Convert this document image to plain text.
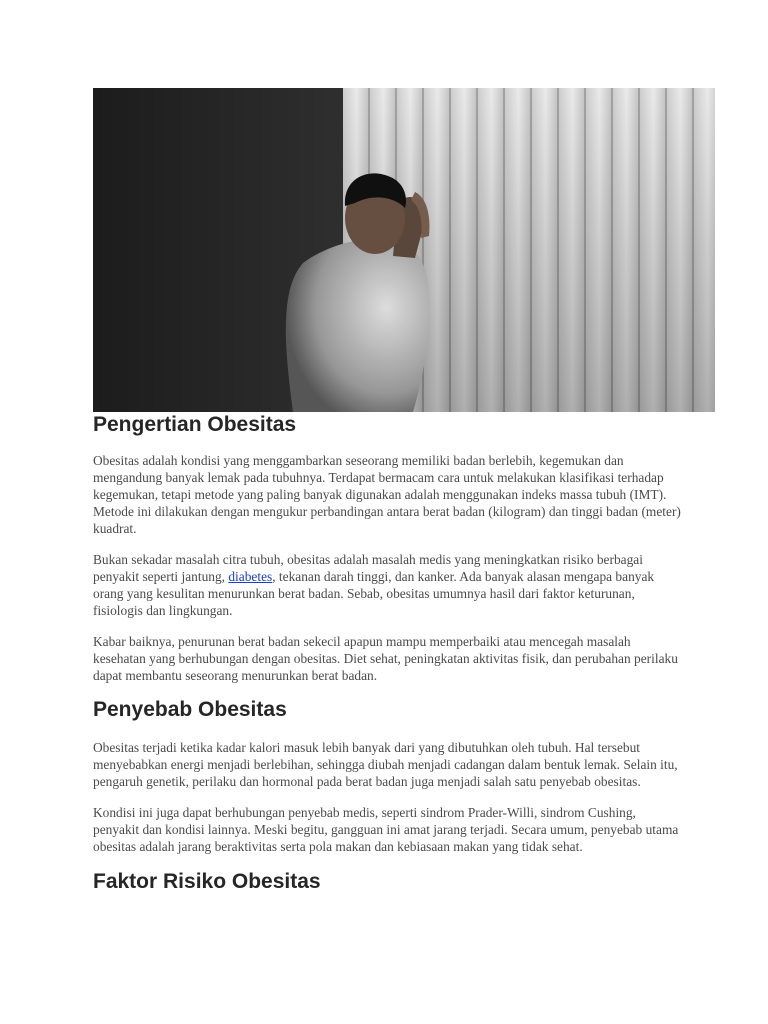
Pengertian Obesitas

Obesitas adalah kondisi yang menggambarkan seseorang memiliki badan berlebih, kegemukan dan mengandung banyak lemak pada tubuhnya. Terdapat bermacam cara untuk melakukan klasifikasi terhadap kegemukan, tetapi metode yang paling banyak digunakan adalah menggunakan indeks massa tubuh (IMT). Metode ini dilakukan dengan mengukur perbandingan antara berat badan (kilogram) dan tinggi badan (meter) kuadrat.

Bukan sekadar masalah citra tubuh, obesitas adalah masalah medis yang meningkatkan risiko berbagai penyakit seperti jantung, diabetes, tekanan darah tinggi, dan kanker. Ada banyak alasan mengapa banyak orang yang kesulitan menurunkan berat badan. Sebab, obesitas umumnya hasil dari faktor keturunan, fisiologis dan lingkungan.

Kabar baiknya, penurunan berat badan sekecil apapun mampu memperbaiki atau mencegah masalah kesehatan yang berhubungan dengan obesitas. Diet sehat, peningkatan aktivitas fisik, dan perubahan perilaku dapat membantu seseorang menurunkan berat badan.

Penyebab Obesitas

Obesitas terjadi ketika kadar kalori masuk lebih banyak dari yang dibutuhkan oleh tubuh. Hal tersebut menyebabkan energi menjadi berlebihan, sehingga diubah menjadi cadangan dalam bentuk lemak. Selain itu, pengaruh genetik, perilaku dan hormonal pada berat badan juga menjadi salah satu penyebab obesitas.

Kondisi ini juga dapat berhubungan penyebab medis, seperti sindrom Prader-Willi, sindrom Cushing, penyakit dan kondisi lainnya. Meski begitu, gangguan ini amat jarang terjadi. Secara umum, penyebab utama obesitas adalah jarang beraktivitas serta pola makan dan kebiasaan makan yang tidak sehat.

Faktor Risiko Obesitas
